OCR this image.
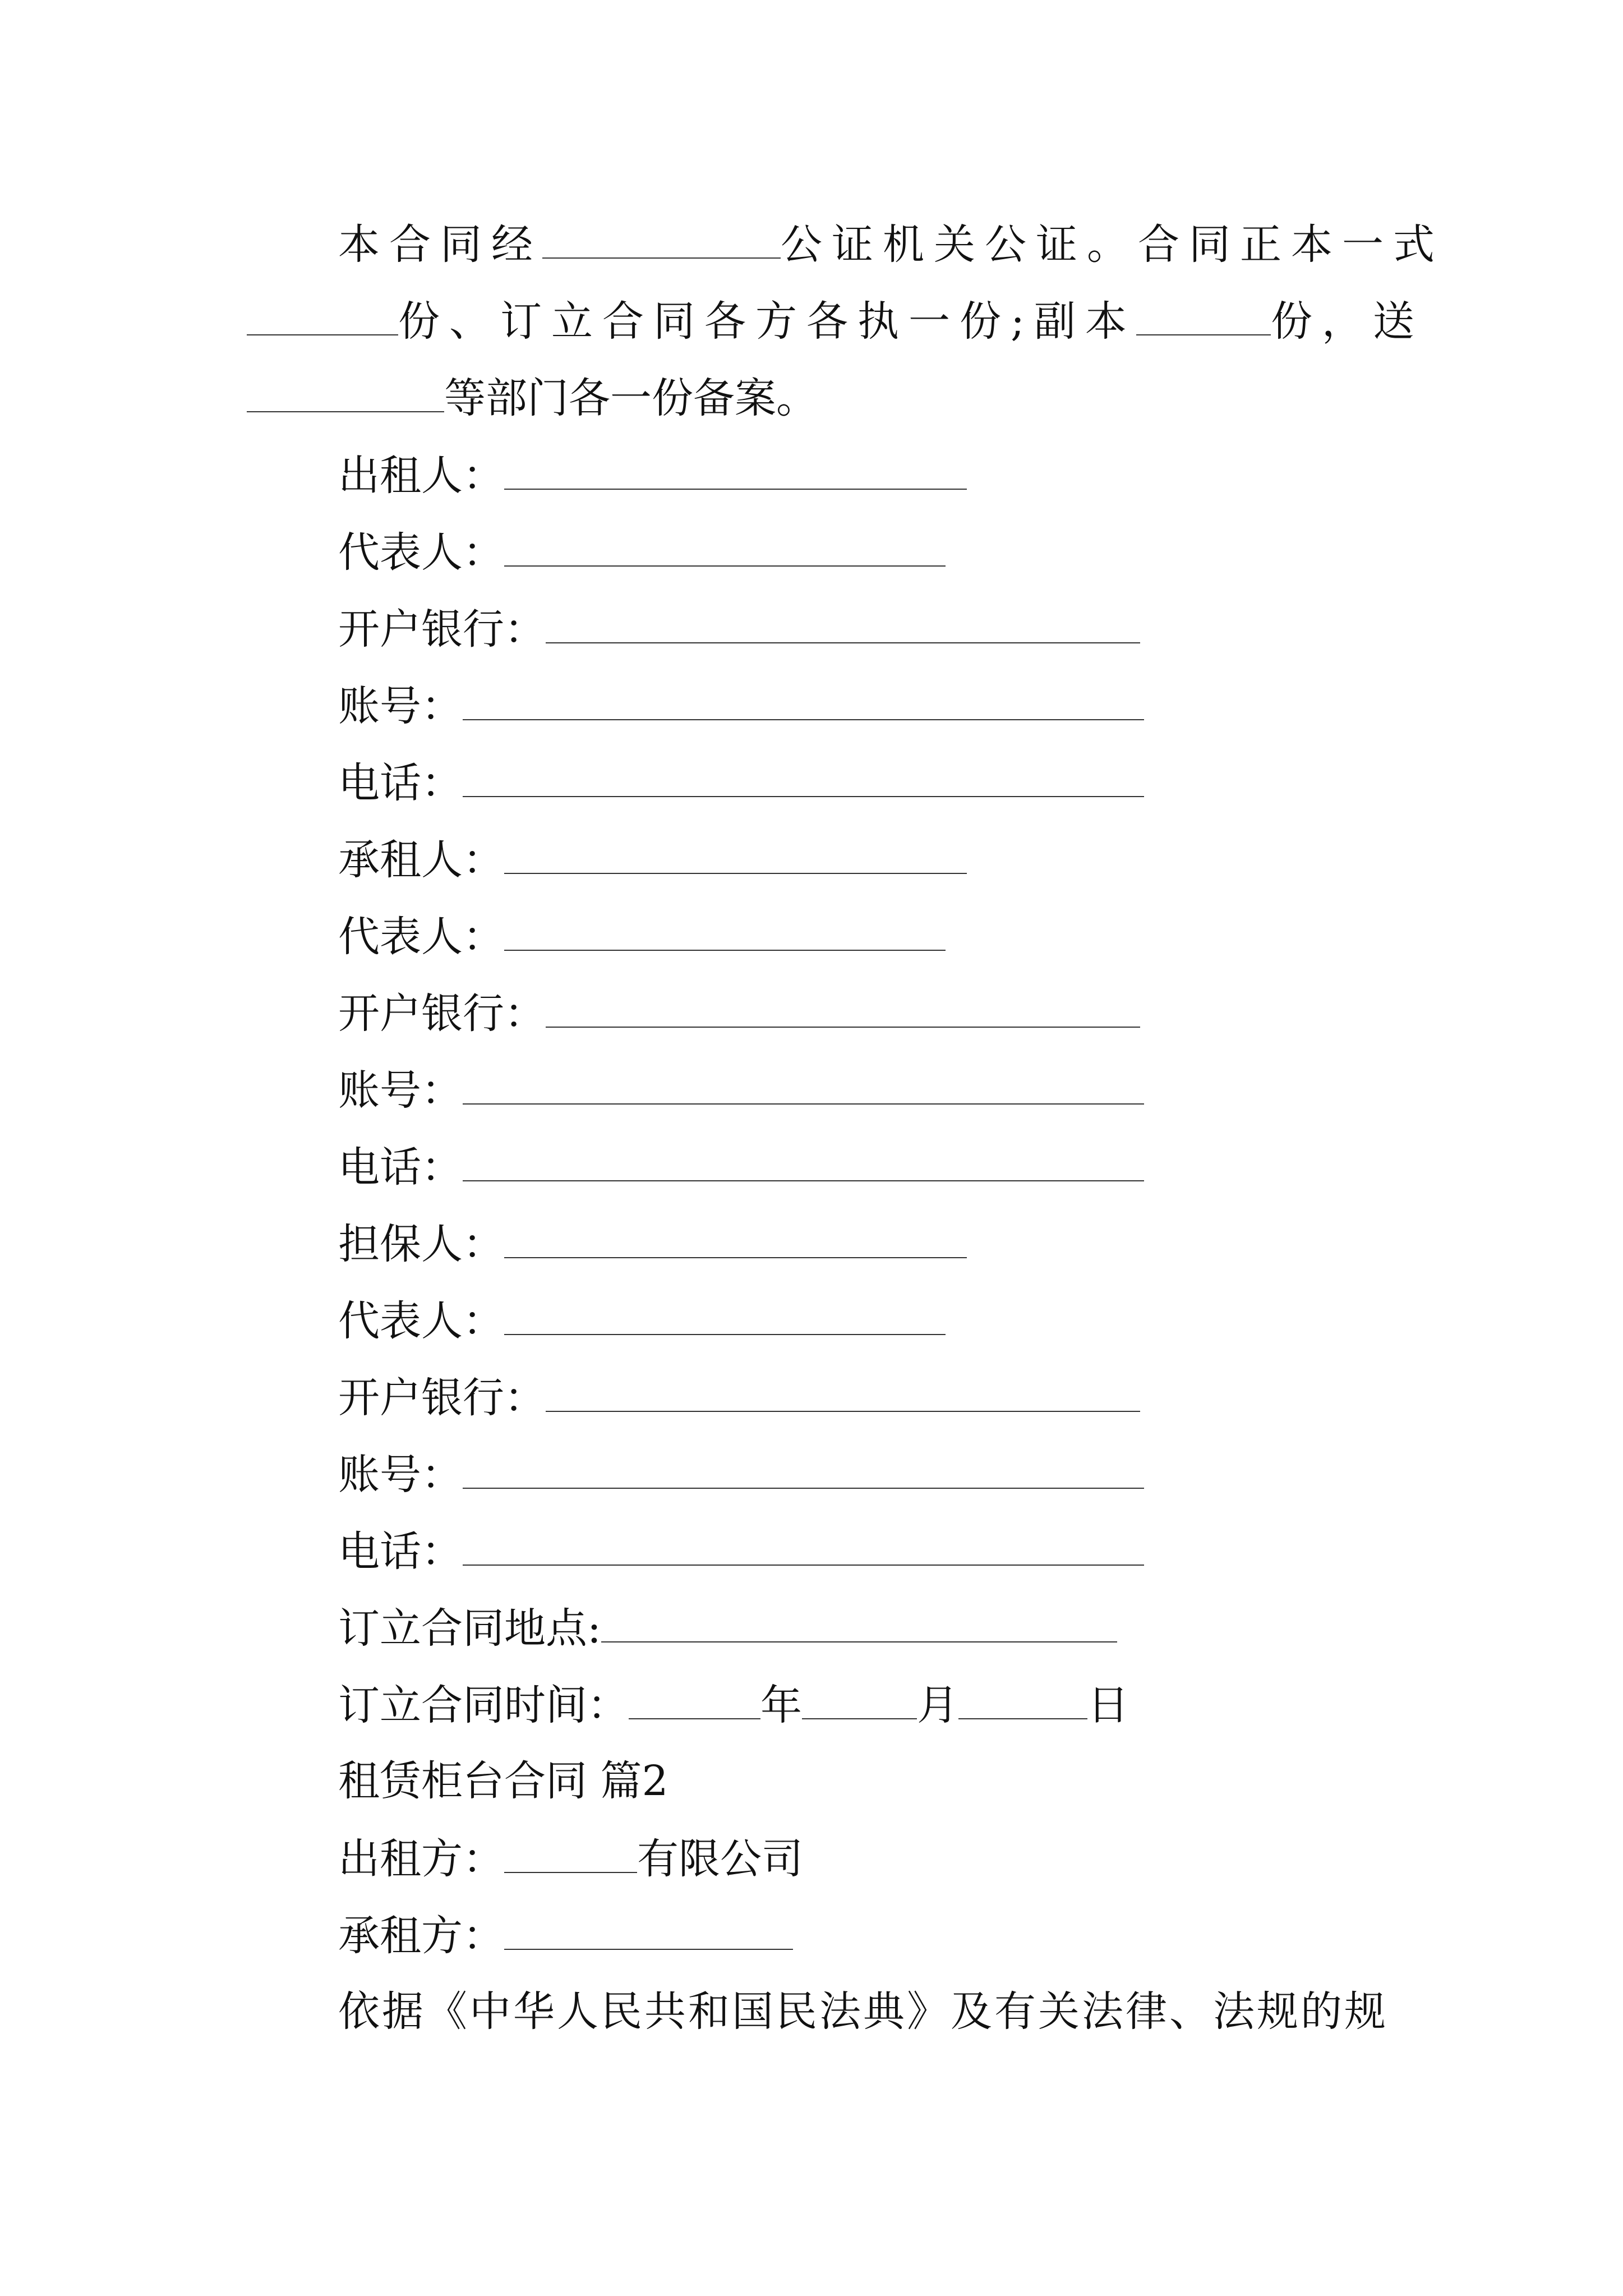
本合同经	公证机关公证。合同正本一式
份、订立合同各方各执一份;副本	份，送
等部门各一份备案。
出租人：
代表人：
开户银行：
账号：
电话：
承租人：
代表人：
开户银行：
账号：
电话：
担保人：
代表人：
开户银行：
账号：
电话：
订立合同地点:
订立合同时间：	年	月	日
租赁柜台合同 篇2
出租方：	有限公司
承租方：
依据《中华人民共和国民法典》及有关法律、法规的规
